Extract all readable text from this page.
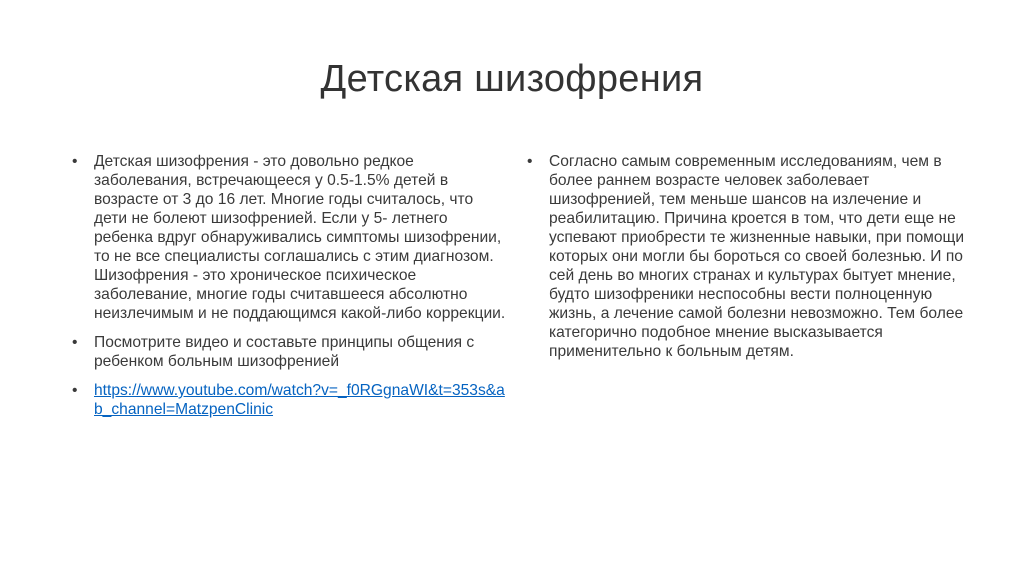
Детская шизофрения
• Детская шизофрения - это довольно редкое заболевания, встречающееся у 0.5-1.5% детей в возрасте от 3 до 16 лет. Многие годы считалось, что дети не болеют шизофренией. Если у 5- летнего ребенка вдруг обнаруживались симптомы шизофрении, то не все специалисты соглашались с этим диагнозом. Шизофрения - это хроническое психическое заболевание, многие годы считавшееся абсолютно неизлечимым и не поддающимся какой-либо коррекции.
• Посмотрите видео и составьте принципы общения с ребенком больным шизофренией
• https://www.youtube.com/watch?v=_f0RGgnaWI&t=353s&ab_channel=MatzpenClinic
• Согласно самым современным исследованиям, чем в более раннем возрасте человек заболевает шизофренией, тем меньше шансов на излечение и реабилитацию. Причина кроется в том, что дети еще не успевают приобрести те жизненные навыки, при помощи которых они могли бы бороться со своей болезнью. И по сей день во многих странах и культурах бытует мнение, будто шизофреники неспособны вести полноценную жизнь, а лечение самой болезни невозможно. Тем более категорично подобное мнение высказывается применительно к больным детям.
